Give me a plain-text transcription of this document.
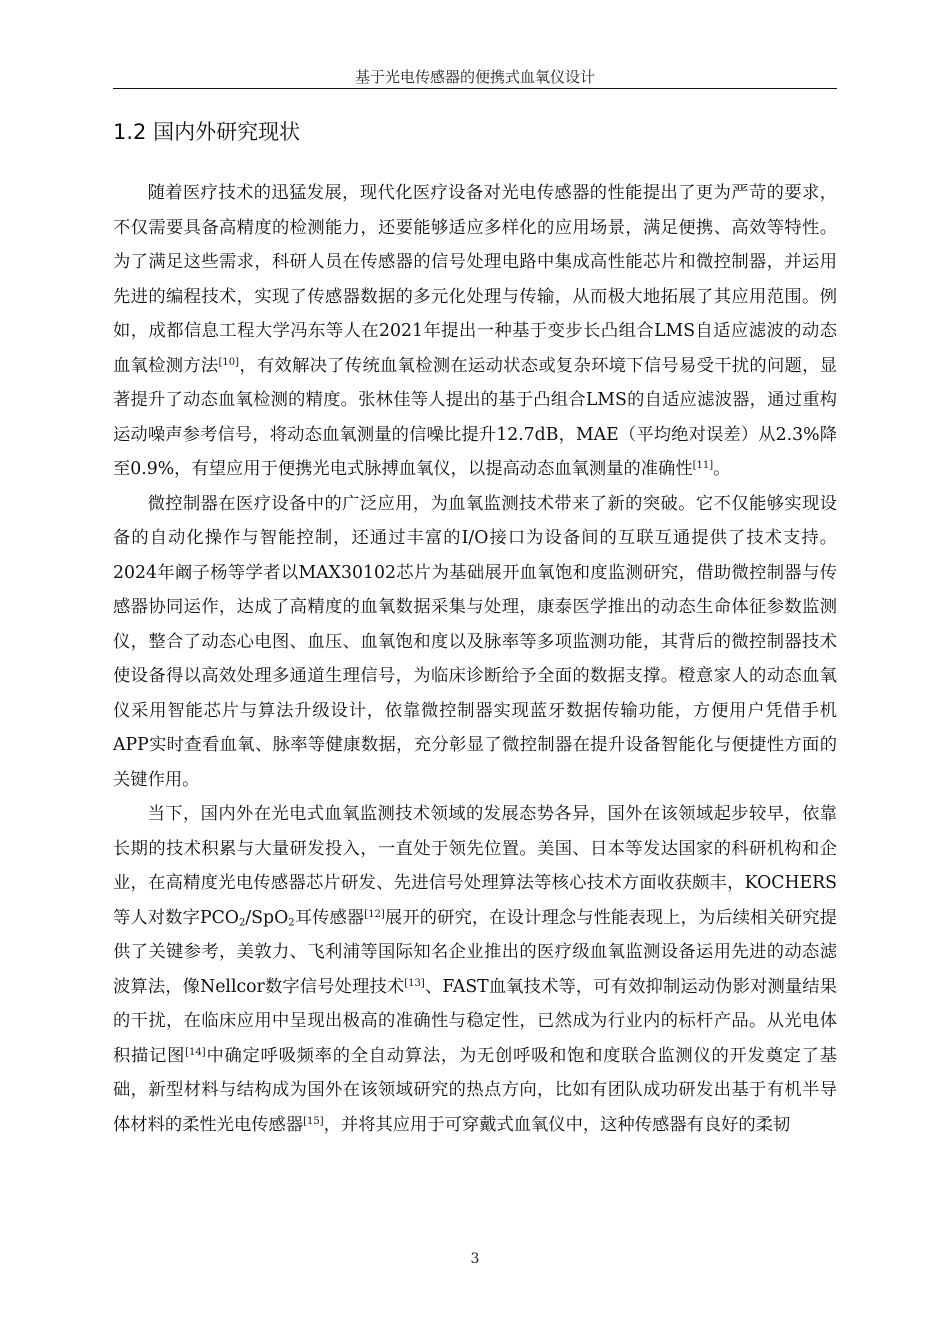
基于光电传感器的便携式血氧仪设计
1.2 国内外研究现状

随着医疗技术的迅猛发展，现代化医疗设备对光电传感器的性能提出了更为严苛的要求，不仅需要具备高精度的检测能力，还要能够适应多样化的应用场景，满足便携、高效等特性。为了满足这些需求，科研人员在传感器的信号处理电路中集成高性能芯片和微控制器，并运用先进的编程技术，实现了传感器数据的多元化处理与传输，从而极大地拓展了其应用范围。例如，成都信息工程大学冯东等人在2021年提出一种基于变步长凸组合LMS自适应滤波的动态血氧检测方法[10]，有效解决了传统血氧检测在运动状态或复杂环境下信号易受干扰的问题，显著提升了动态血氧检测的精度。张林佳等人提出的基于凸组合LMS的自适应滤波器，通过重构运动噪声参考信号，将动态血氧测量的信噪比提升12.7dB，MAE（平均绝对误差）从2.3%降至0.9%，有望应用于便携光电式脉搏血氧仪，以提高动态血氧测量的准确性[11]。

微控制器在医疗设备中的广泛应用，为血氧监测技术带来了新的突破。它不仅能够实现设备的自动化操作与智能控制，还通过丰富的I/O接口为设备间的互联互通提供了技术支持。 2024年阚子杨等学者以MAX30102芯片为基础展开血氧饱和度监测研究，借助微控制器与传感器协同运作，达成了高精度的血氧数据采集与处理，康泰医学推出的动态生命体征参数监测仪，整合了动态心电图、血压、血氧饱和度以及脉率等多项监测功能，其背后的微控制器技术使设备得以高效处理多通道生理信号，为临床诊断给予全面的数据支撑。橙意家人的动态血氧仪采用智能芯片与算法升级设计，依靠微控制器实现蓝牙数据传输功能，方便用户凭借手机APP实时查看血氧、脉率等健康数据，充分彰显了微控制器在提升设备智能化与便捷性方面的关键作用。

当下，国内外在光电式血氧监测技术领域的发展态势各异，国外在该领域起步较早，依靠长期的技术积累与大量研发投入，一直处于领先位置。美国、日本等发达国家的科研机构和企业，在高精度光电传感器芯片研发、先进信号处理算法等核心技术方面收获颇丰，KOCHERS等人对数字$PCO_2/SpO_2$耳传感器[12]展开的研究，在设计理念与性能表现上，为后续相关研究提供了关键参考，美敦力、飞利浦等国际知名企业推出的医疗级血氧监测设备运用先进的动态滤波算法，像Nellcor数字信号处理技术[13]、FAST血氧技术等，可有效抑制运动伪影对测量结果的干扰，在临床应用中呈现出极高的准确性与稳定性，已然成为行业内的标杆产品。从光电体积描记图[14]中确定呼吸频率的全自动算法，为无创呼吸和饱和度联合监测仪的开发奠定了基础，新型材料与结构成为国外在该领域研究的热点方向，比如有团队成功研发出基于有机半导体材料的柔性光电传感器[15]，并将其应用于可穿戴式血氧仪中，这种传感器有良好的柔韧

3
